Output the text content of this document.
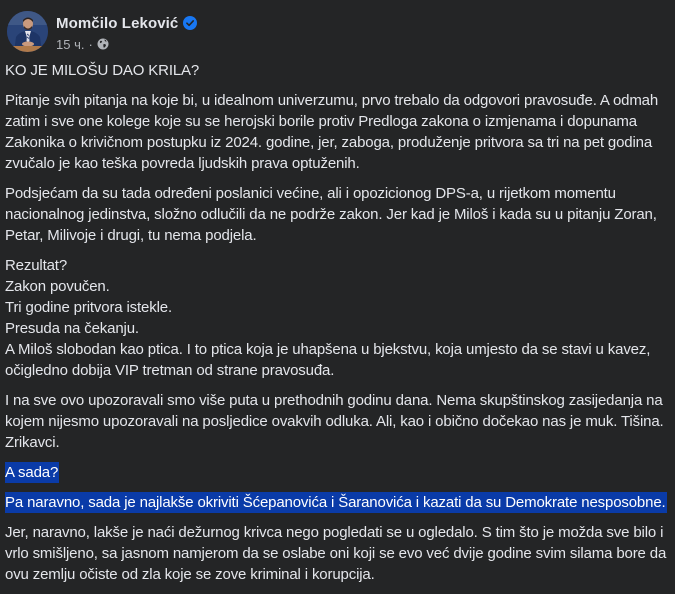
Momčilo Leković
15 ч. ·

KO JE MILOŠU DAO KRILA?

Pitanje svih pitanja na koje bi, u idealnom univerzumu, prvo trebalo da odgovori pravosuđe. A odmah zatim i sve one kolege koje su se herojski borile protiv Predloga zakona o izmjenama i dopunama Zakonika o krivičnom postupku iz 2024. godine, jer, zaboga, produženje pritvora sa tri na pet godina zvučalo je kao teška povreda ljudskih prava optuženih.

Podsjećam da su tada određeni poslanici većine, ali i opozicionog DPS-a, u rijetkom momentu nacionalnog jedinstva, složno odlučili da ne podrže zakon. Jer kad je Miloš i kada su u pitanju Zoran, Petar, Milivoje i drugi, tu nema podjela.

Rezultat?
Zakon povučen.
Tri godine pritvora istekle.
Presuda na čekanju.
A Miloš slobodan kao ptica. I to ptica koja je uhapšena u bjekstvu, koja umjesto da se stavi u kavez, očigledno dobija VIP tretman od strane pravosuđa.

I na sve ovo upozoravali smo više puta u prethodnih godinu dana. Nema skupštinskog zasijedanja na kojem nijesmo upozoravali na posljedice ovakvih odluka. Ali, kao i obično dočekao nas je muk. Tišina. Zrikavci.

A sada?

Pa naravno, sada je najlakše okriviti Šćepanovića i Šaranovića i kazati da su Demokrate nesposobne.

Jer, naravno, lakše je naći dežurnog krivca nego pogledati se u ogledalo. S tim što je možda sve bilo i vrlo smišljeno, sa jasnom namjerom da se oslabe oni koji se evo već dvije godine svim silama bore da ovu zemlju očiste od zla koje se zove kriminal i korupcija.
